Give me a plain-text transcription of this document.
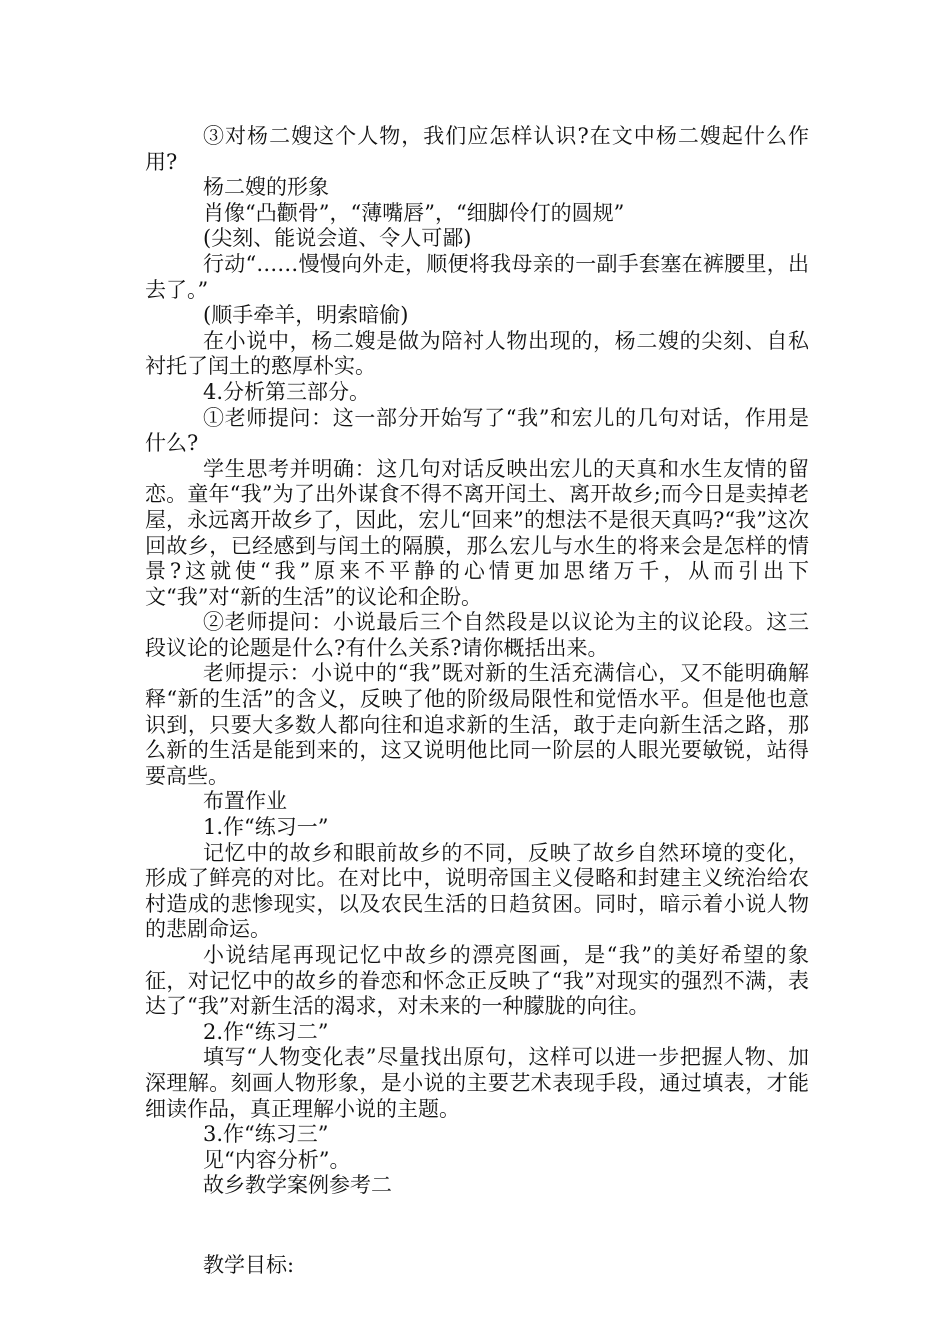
③对杨二嫂这个人物，我们应怎样认识?在文中杨二嫂起什么作用?

杨二嫂的形象

肖像“凸颧骨”，“薄嘴唇”，“细脚伶仃的圆规”

(尖刻、能说会道、令人可鄙)

行动“……慢慢向外走，顺便将我母亲的一副手套塞在裤腰里，出去了。”

(顺手牵羊，明索暗偷)

在小说中，杨二嫂是做为陪衬人物出现的，杨二嫂的尖刻、自私衬托了闰土的憨厚朴实。

4.分析第三部分。

①老师提问：这一部分开始写了“我”和宏儿的几句对话，作用是什么?

学生思考并明确：这几句对话反映出宏儿的天真和水生友情的留恋。童年“我”为了出外谋食不得不离开闰土、离开故乡;而今日是卖掉老屋，永远离开故乡了，因此，宏儿“回来”的想法不是很天真吗?“我”这次回故乡，已经感到与闰土的隔膜，那么宏儿与水生的将来会是怎样的情景?这就使“我”原来不平静的心情更加思绪万千，从而引出下文“我”对“新的生活”的议论和企盼。

②老师提问：小说最后三个自然段是以议论为主的议论段。这三段议论的论题是什么?有什么关系?请你概括出来。

老师提示：小说中的“我”既对新的生活充满信心，又不能明确解释“新的生活”的含义，反映了他的阶级局限性和觉悟水平。但是他也意识到，只要大多数人都向往和追求新的生活，敢于走向新生活之路，那么新的生活是能到来的，这又说明他比同一阶层的人眼光要敏锐，站得要高些。

布置作业

1.作“练习一”

记忆中的故乡和眼前故乡的不同，反映了故乡自然环境的变化，形成了鲜亮的对比。在对比中，说明帝国主义侵略和封建主义统治给农村造成的悲惨现实，以及农民生活的日趋贫困。同时，暗示着小说人物的悲剧命运。

小说结尾再现记忆中故乡的漂亮图画，是“我”的美好希望的象征，对记忆中的故乡的眷恋和怀念正反映了“我”对现实的强烈不满，表达了“我”对新生活的渴求，对未来的一种朦胧的向往。

2.作“练习二”

填写“人物变化表”尽量找出原句，这样可以进一步把握人物、加深理解。刻画人物形象，是小说的主要艺术表现手段，通过填表，才能细读作品，真正理解小说的主题。

3.作“练习三”

见“内容分析”。

故乡教学案例参考二

教学目标:
